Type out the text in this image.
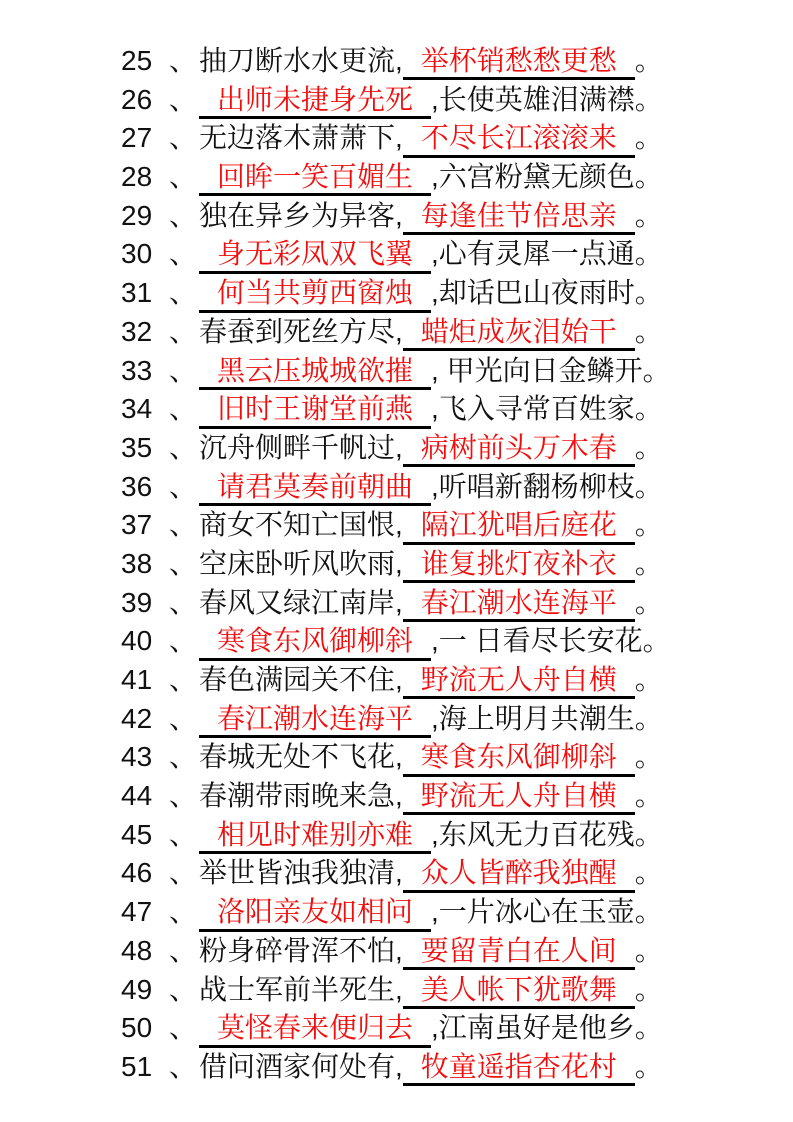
25 、抽刀断水水更流, 举杯销愁愁更愁 。
26 、 出师未捷身先死 ,长使英雄泪满襟。
27 、无边落木萧萧下, 不尽长江滚滚来 。
28 、 回眸一笑百媚生 ,六宫粉黛无颜色。
29 、独在异乡为异客, 每逢佳节倍思亲 。
30 、 身无彩凤双飞翼 ,心有灵犀一点通。
31 、 何当共剪西窗烛 ,却话巴山夜雨时。
32 、春蚕到死丝方尽, 蜡炬成灰泪始干 。
33 、 黑云压城城欲摧 , 甲光向日金鳞开。
34 、 旧时王谢堂前燕 ,飞入寻常百姓家。
35 、沉舟侧畔千帆过, 病树前头万木春 。
36 、 请君莫奏前朝曲 ,听唱新翻杨柳枝。
37 、商女不知亡国恨, 隔江犹唱后庭花 。
38 、空床卧听风吹雨, 谁复挑灯夜补衣 。
39 、春风又绿江南岸, 春江潮水连海平 。
40 、 寒食东风御柳斜 ,一 日看尽长安花。
41 、春色满园关不住, 野流无人舟自横 。
42 、 春江潮水连海平 ,海上明月共潮生。
43 、春城无处不飞花, 寒食东风御柳斜 。
44 、春潮带雨晚来急, 野流无人舟自横 。
45 、 相见时难别亦难 ,东风无力百花残。
46 、举世皆浊我独清, 众人皆醉我独醒 。
47 、 洛阳亲友如相问 ,一片冰心在玉壶。
48 、粉身碎骨浑不怕, 要留青白在人间 。
49 、战士军前半死生, 美人帐下犹歌舞 。
50 、 莫怪春来便归去 ,江南虽好是他乡。
51 、借问酒家何处有, 牧童遥指杏花村 。
